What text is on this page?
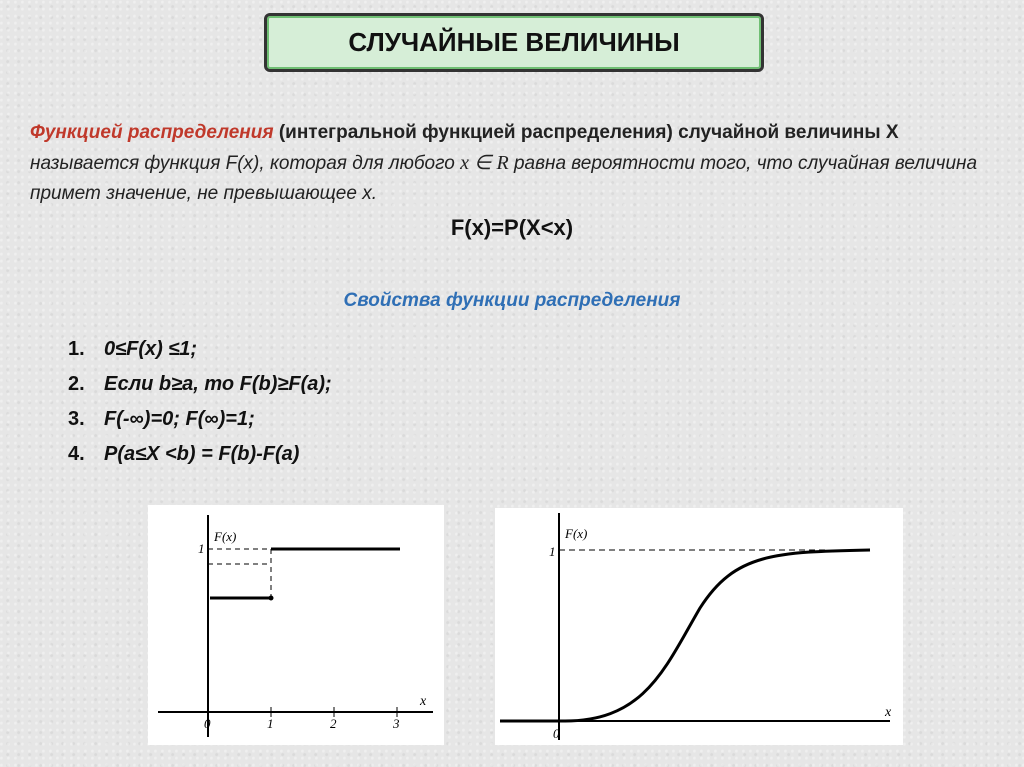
СЛУЧАЙНЫЕ ВЕЛИЧИНЫ
Функцией распределения (интегральной функцией распределения) случайной величины X называется функция F(x), которая для любого x ∈ R равна вероятности того, что случайная величина примет значение, не превышающее х.
F(x)=P(X<x)
Свойства функции распределения
1. 0≤F(x) ≤1;
2. Если b≥a, то F(b)≥F(a);
3. F(-∞)=0; F(∞)=1;
4. P(a≤X <b) = F(b)-F(a)
F(x)
1
x
0	1	2	3
F(x)
1
x
0
